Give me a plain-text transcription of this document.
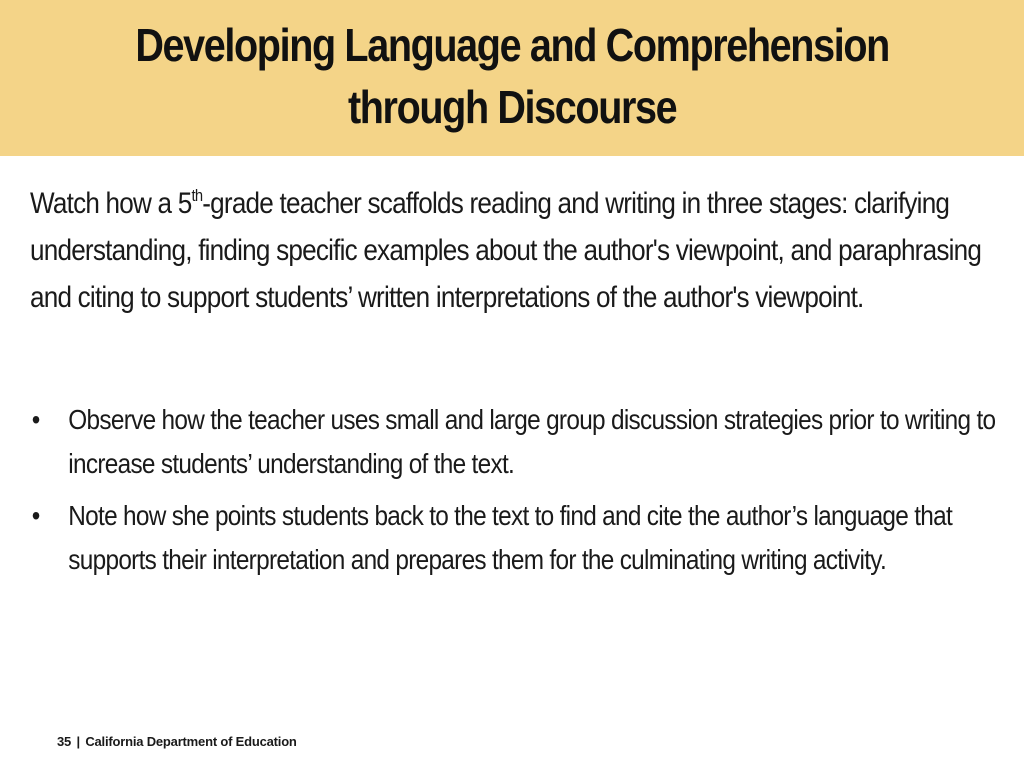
Developing Language and Comprehension
through Discourse

Watch how a 5th-grade teacher scaffolds reading and writing in three stages: clarifying understanding, finding specific examples about the author's viewpoint, and paraphrasing and citing to support students’ written interpretations of the author's viewpoint.

• Observe how the teacher uses small and large group discussion strategies prior to writing to increase students’ understanding of the text.
• Note how she points students back to the text to find and cite the author’s language that supports their interpretation and prepares them for the culminating writing activity.
35 | California Department of Education
